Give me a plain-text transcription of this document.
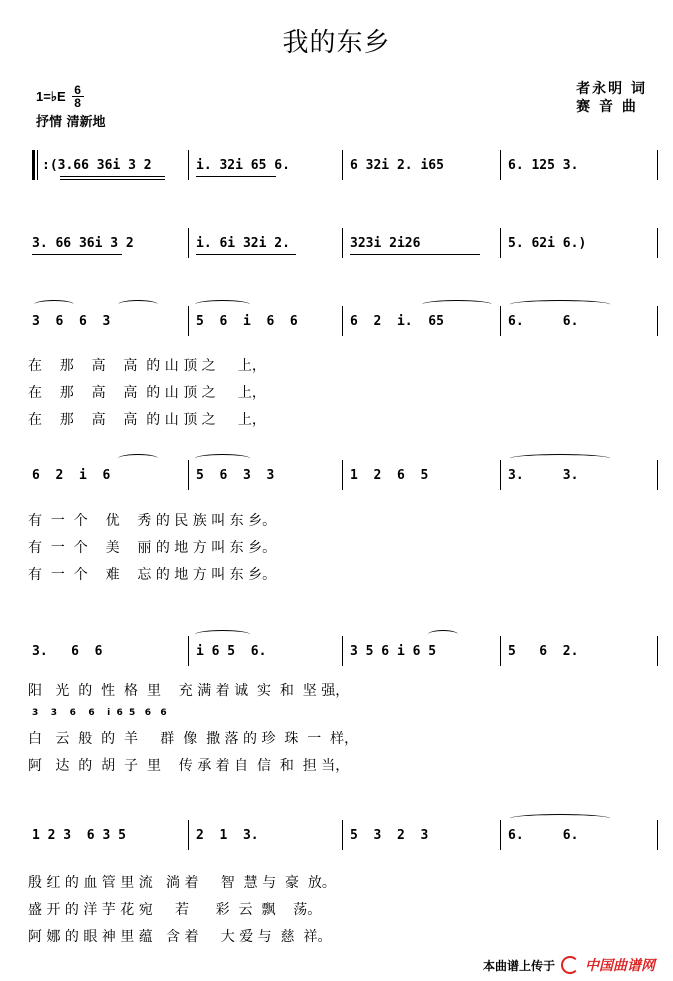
我的东乡
1=♭E 6
8
抒情 清新地
者永明 词
赛 音 曲
:(3.66 36i 3 2	i. 32i 65 6.	6 32i 2. i65	6. 125 3.
3. 66 36i 3 2	i. 6i 32i 2.	323i 2i26	5. 62i 6.)
3  6  6  3	5  6  i  6  6	6  2  i.  65	6.     6.
在    那    高    高  的 山 顶 之     上，
在    那    高    高  的 山 顶 之     上，
在    那    高    高  的 山 顶 之     上，
6  2  i  6	5  6  3  3	1  2  6  5	3.     3.
有  一  个    优    秀 的 民 族 叫 东 乡。
有  一  个    美    丽 的 地 方 叫 东 乡。
有  一  个    难    忘 的 地 方 叫 东 乡。
3.   6  6	i 6 5  6.	3 5 6 i 6 5	5   6  2.
阳   光  的  性  格  里    充 满 着 诚  实  和  坚 强，
3    3    6    6    i  6  5   6   6
白   云  般  的  羊     群  像  撒 落 的 珍  珠  一  样，
阿   达  的  胡  子  里    传 承 着 自  信  和  担 当，
1 2 3  6 3 5	2  1  3.	5  3  2  3	6.     6.
殷 红 的 血 管 里 流   淌 着     智  慧 与  豪  放。
盛 开 的 洋 芋 花 宛     若      彩  云  飘    荡。
阿 娜 的 眼 神 里 蕴   含 着     大 爱 与  慈  祥。
本曲谱上传于 中国曲谱网
